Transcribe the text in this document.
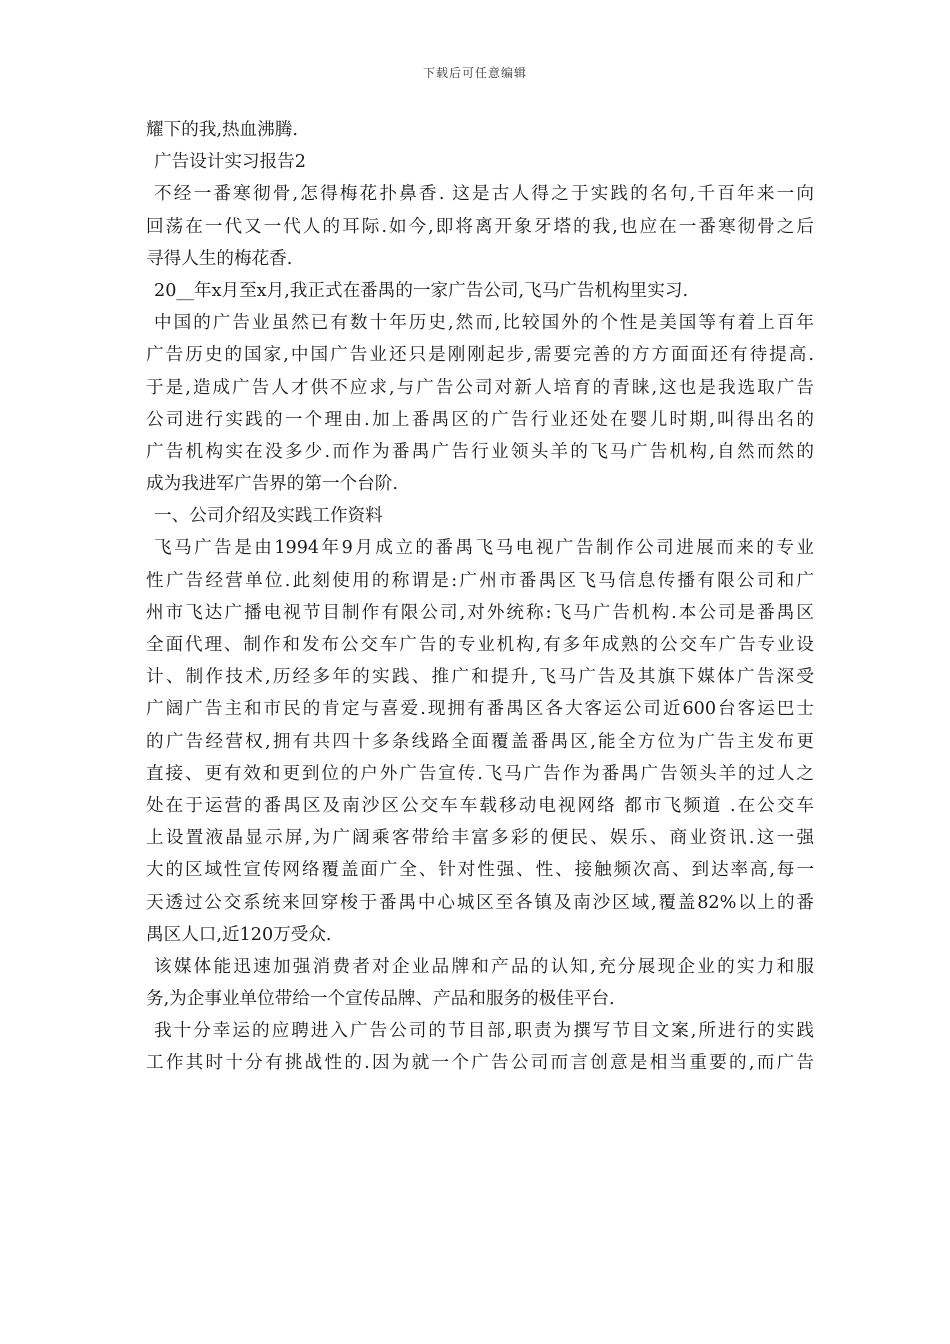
下载后可任意编辑
耀下的我,热血沸腾.
广告设计实习报告2
不经一番寒彻骨,怎得梅花扑鼻香. 这是古人得之于实践的名句,千百年来一向
回荡在一代又一代人的耳际.如今,即将离开象牙塔的我,也应在一番寒彻骨之后
寻得人生的梅花香.
20__年x月至x月,我正式在番禺的一家广告公司,飞马广告机构里实习.
中国的广告业虽然已有数十年历史,然而,比较国外的个性是美国等有着上百年
广告历史的国家,中国广告业还只是刚刚起步,需要完善的方方面面还有待提高.
于是,造成广告人才供不应求,与广告公司对新人培育的青睐,这也是我选取广告
公司进行实践的一个理由.加上番禺区的广告行业还处在婴儿时期,叫得出名的
广告机构实在没多少.而作为番禺广告行业领头羊的飞马广告机构,自然而然的
成为我进军广告界的第一个台阶.
一、公司介绍及实践工作资料
飞马广告是由1994年9月成立的番禺飞马电视广告制作公司进展而来的专业
性广告经营单位.此刻使用的称谓是:广州市番禺区飞马信息传播有限公司和广
州市飞达广播电视节目制作有限公司,对外统称:飞马广告机构.本公司是番禺区
全面代理、制作和发布公交车广告的专业机构,有多年成熟的公交车广告专业设
计、制作技术,历经多年的实践、推广和提升,飞马广告及其旗下媒体广告深受
广阔广告主和市民的肯定与喜爱.现拥有番禺区各大客运公司近600台客运巴士
的广告经营权,拥有共四十多条线路全面覆盖番禺区,能全方位为广告主发布更
直接、更有效和更到位的户外广告宣传.飞马广告作为番禺广告领头羊的过人之
处在于运营的番禺区及南沙区公交车车载移动电视网络 都市飞频道 .在公交车
上设置液晶显示屏,为广阔乘客带给丰富多彩的便民、娱乐、商业资讯.这一强
大的区域性宣传网络覆盖面广全、针对性强、性、接触频次高、到达率高,每一
天透过公交系统来回穿梭于番禺中心城区至各镇及南沙区域,覆盖82%以上的番
禺区人口,近120万受众.
该媒体能迅速加强消费者对企业品牌和产品的认知,充分展现企业的实力和服
务,为企事业单位带给一个宣传品牌、产品和服务的极佳平台.
我十分幸运的应聘进入广告公司的节目部,职责为撰写节目文案,所进行的实践
工作其时十分有挑战性的.因为就一个广告公司而言创意是相当重要的,而广告
